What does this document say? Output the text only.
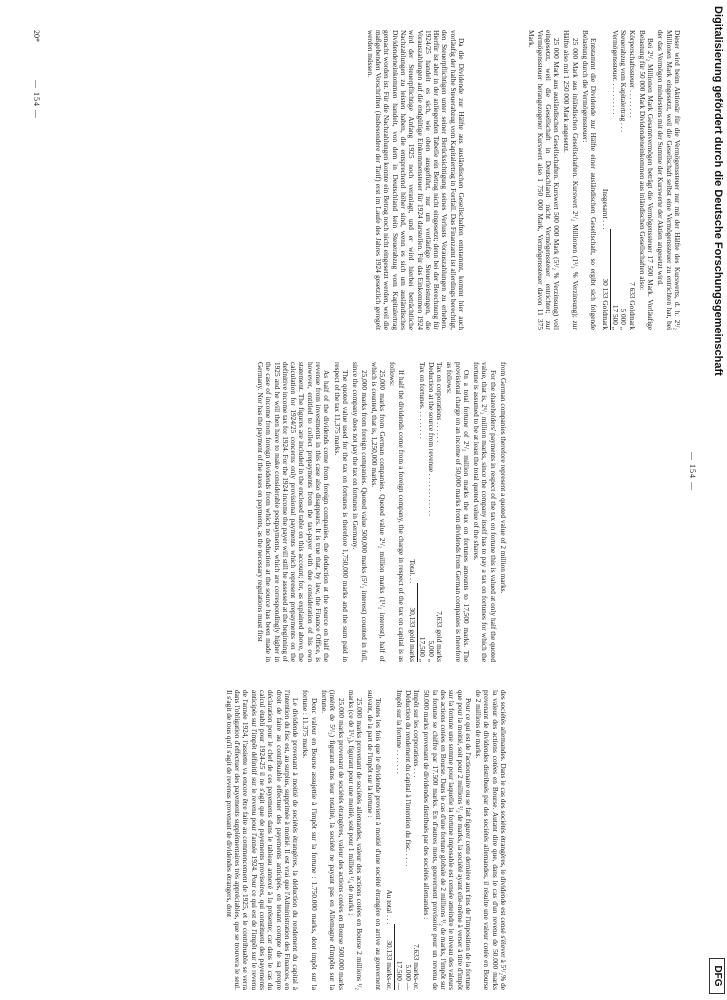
Digitalisierung gefördert durch die Deutsche Forschungsgemeinschaft
DFG
— 154 —

Dieser wird beim Aktionär für die Vermögenssteuer nur mit der Hälfte des Kurswerts, d. h. 2¹/₂ Millionen Mark eingesetzt, weil die Gesellschaft selbst eine Vermögenssteuer zu entrichten hat, bei der das Vermögen mindestens mit der Summe der Kurswerte der Aktien angesetzt wird.

Bei 2¹/₂ Millionen Mark Gesamtvermögen beträgt die Vermögenssteuer 17 500 Mark. Vorläufige Belastung für 50 000 Mark Dividendeneinkommen aus inländischen Gesellschaften also:

Körperschaftssteuer . . . . . . . .	7 633 Goldmark
Steuerabzug vom Kapitalertrag . . .	5 000 „
Vermögenssteuer. . . . . . . . . .	17 500 „
Insgesamt . . .	30 133 Goldmark

Entstammt die Dividende zur Hälfte einer ausländischen Gesellschaft, so ergibt sich folgende Belastung durch die Vermögenssteuer:

25 000 Mark aus inländischen Gesellschaften. Kurswert 2¹/₂ Millionen (1¹/₂ % Verzinsung); zur Hälfte also mit 1 250 000 Mark angesetzt.

25 000 Mark aus ausländischen Gesellschaften. Kurswert 500 000 Mark (5¹/₂ % Verzinsung) voll eingesetzt, weil die Gesellschaft in Deutschland nicht Vermögenssteuer entrichtet; zur Vermögenssteuer herangezogener Kurswert also 1 750 000 Mark, Vermögenssteuer davon 11 375 Mark.

Da die Dividende zur Hälfte aus ausländischen Gesellschaften entstammt, kommt hier auch vorläufig der halbe Steuerabzug vom Kapitalertrag in Fortfall. Das Finanzamt ist allerdings berechtigt, den Steuerpflichtigen unter seiner Berücksichtigung seines Verlusts Vorauszahlungen zu erheben. Hierfür ist aber in der anliegenden Tabelle ein Betrag nicht eingesetzt; denn bei der Berechnung für 1924/25 handelt es sich, wie oben ausgeführt, nur um vorläufige Steuerleistungen, die Vorauszahlungen auf die endgültige Einkommensteuer für 1924 darstellen. Für das Einkommen 1924 wird der Steuerpflichtige Anfang 1925 noch veranlagt, und er wird hierbei beträchtliche Nachzahlungen zu leisten haben, die entsprechend höher sind, wenn es sich um ausländisches Dividendeneinkommen handelt, von dem in Deutschland kein Steuerabzug vom Kapitalertrag gemacht worden ist. Für die Nachzahlungen konnte ein Betrag noch nicht eingesetzt werden, weil die maßgebenden Vorschriften (insbesondere der Tarif) erst im Laufe des Jahres 1924 gesetzlich geregelt werden müssen.

from German companies therefore represent a quoted value of 2 million marks.

For the shareholders' payments in respect of the tax on fortune this is valued at only half the quoted value, that is, 2¹/₂ million marks, since the company itself has to pay a tax on fortunes for which the fortune is assumed to be at least the total quoted value of the shares.

On a total fortune of 2¹/₂ million marks the tax on fortunes amounts to 17,500 marks. The provisional charge on an income of 50,000 marks from dividends from German companies is therefore as follows:

Tax on corporations . . . . . .	7,633 gold marks
Deduction at the source from revenue . . . . . . . . . . . .	5,000 „
Tax on fortunes. . . . . . . . .	17,500 „
Total. . .	30,133 gold marks

If half the dividends come from a foreign company, the charge in respect of the tax on capital is as follows:

25,000 marks from German companies. Quoted value 2¹/₂ million marks (1¹/₂ interest), half of which is counted, that is, 1,250,000 marks.

25,000 marks from foreign companies. Quoted value 500,000 marks (5¹/₂ interest) counted in full, since the company does not pay the tax on fortunes in Germany.

The quoted value used for the tax on fortunes is therefore 1,750,000 marks and the sum paid in respect of the tax 11,375 marks.

As half of the dividends come from foreign companies, the deduction at the source on half the revenue from investments in this case also disappears. It is true that, by law, the Finance Office, is however, entitled to collect prepayments from the tax-payer with due consideration of his own statement. The figures are included in the enclosed table on this account; for, as explained above, the calculation for 1924/25 concerns only provisional payments which represent prepayments on the definitive income tax for 1924. For the 1924 income the payer will still be assessed at the beginning of 1925 and he will then have to make considerable postpayments, which are correspondingly higher in the case of income from foreign dividends from which no deduction at the source has been made in Germany. Nor has the payment of the taxes on payments, as the necessary regulations must first

— 154 —

des sociétés allemandes. Dans le cas des sociétés étrangères, le dividende est censé s'élever à 5¹/₂% de la valeur des actions cotées en Bourse. Autant dire que, dans le cas d'un revenu de 50.000 marks provenant de dividendes distribués par des sociétés allemandes, il résulte une valeur cotée en Bourse de 2 millions de marks.

Pour ce qui est de l'actionnaire ou se fait figurer cette dernière aux fins de l'imposition de la fortune que pour la moitié, soit pour 2 millions ¹/₂ de marks, la société ayant elle-même à verser à titre d'impôt sur la fortune une somme pour laquelle la fortune imposable est censée atteindre le niveau des valeurs des actions cotées en Bourse. Dans le cas d'une fortune globale de 2 millions ¹/₂ de marks, l'impôt sur la fortune se chiffre par 17.500 marks. En d'autres mots, gouvernent provisoire pour un revenu de 50.000 marks provenant de dividendes distribués par des sociétés allemandes :

Impôt sur les corporations . . .	7.633 marks-or.
Déduction du rendement du capital à l'intention du fisc. . . . .	5.000 —
Impôt sur la fortune . . . . . . .	17.500 —
Au total . . .	30.133 marks-or.

Toutes les fois que le dividende provient à moitié d'une société étrangère on arrive au gouvernent suivant, de la part de l'impôt sur la fortune :

25.000 marks provenant de sociétés allemandes, valeur des actions cotées en Bourse 2 millions ¹/₂ marks (ce de 1¹/₂), figurant pour une moitié, soit pour 1 million ¹/₄ de marks ;

25.000 marks provenant de sociétés étrangères, valeur des actions cotées en Bourse 500.000 marks (intérêt de 5¹/₂) figurant dans leur totalité, la société ne payant pas en Allemagne d'impôts sur la fortune.

Donc valeur en Bourse assujettie à l'impôt sur la fortune : 1.750.000 marks, dont impôt sur la fortune : 11.375 marks.

Le dividende provenant à moitié de sociétés étrangères, la déduction du rendement du capital à l'intention du fisc est, au surplus, supprimée à moitié. Il est vrai que l'Administration des Finances, en droit de faire au contribuable effectuer des payements anticipés, en tenant compte de sa propre déclaration pour le chef de ces payements dans le tableau annexé à la présente; car dans le cas du calcul établi pour 1924-25 il ne s'agit que de payements provisoires, qui constituent des payements anticipés sur l'impôt définitif sur le revenu pour l'année 1924. Pour ce qui est de l'impôt sur le revenu de l'année 1924, l'assiette va encore être faite au commencement de 1925, et le contribuable se verra dans l'obligation d'effectuer des payements supplémentaires très appréciables, que se trouvera le seul. Il s'agit de tous qu'il s'agit de revenus provenant de dividendes étrangers, dont

20*
